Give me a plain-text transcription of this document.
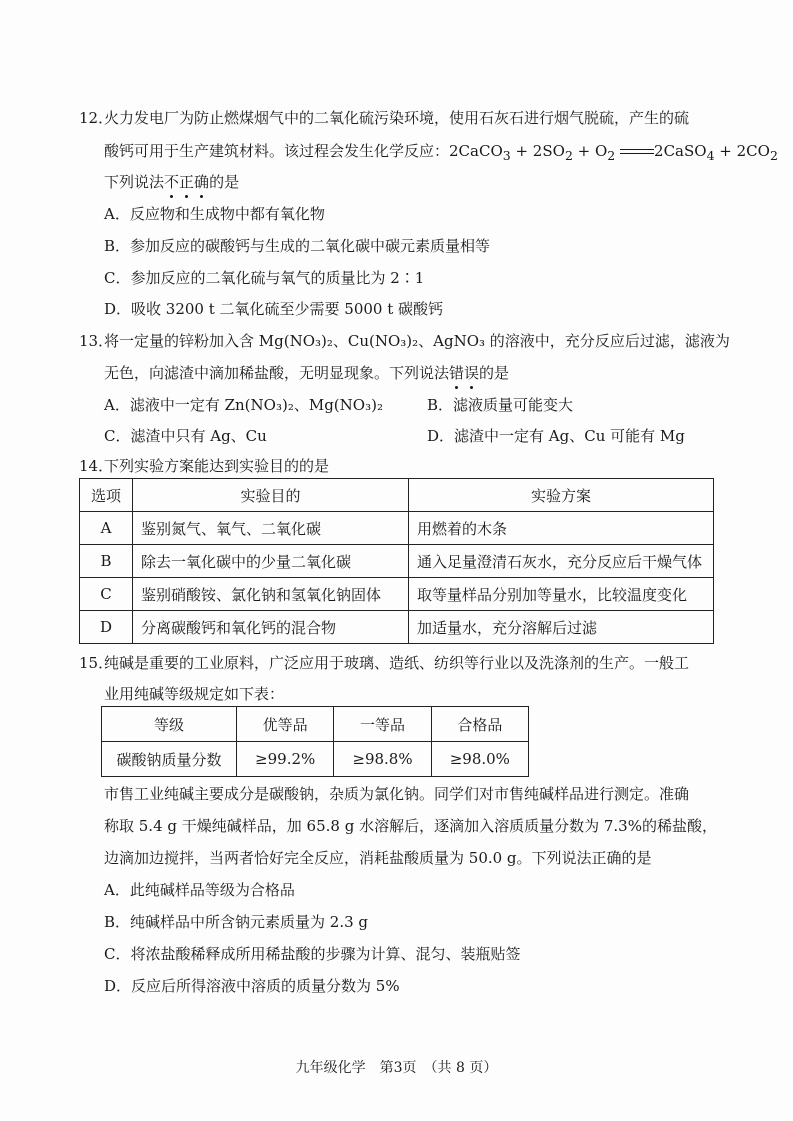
12．
火力发电厂为防止燃煤烟气中的二氧化硫污染环境，使用石灰石进行烟气脱硫，产生的硫
酸钙可用于生产建筑材料。该过程会发生化学反应：2CaCO$_3$ + $2SO_2 + O_2$	2CaSO$_4$ + $2CO_2$
下列说法不正确的是
A．反应物和生成物中都有氧化物
B．参加反应的碳酸钙与生成的二氧化碳中碳元素质量相等
C．参加反应的二氧化硫与氧气的质量比为 2∶1
D．吸收 3200 t 二氧化硫至少需要 5000 t 碳酸钙
13．
将一定量的锌粉加入含 Mg(NO₃)₂、Cu(NO₃)₂、AgNO₃ 的溶液中，充分反应后过滤，滤液为
无色，向滤渣中滴加稀盐酸，无明显现象。下列说法错误的是
A．滤液中一定有 Zn(NO₃)₂、Mg(NO₃)₂	B．滤液质量可能变大
C．滤渣中只有 Ag、Cu	D．滤渣中一定有 Ag、Cu 可能有 Mg
14．
下列实验方案能达到实验目的的是
选项	实验目的	实验方案
A	鉴别氮气、氧气、二氧化碳	用燃着的木条
B	除去一氧化碳中的少量二氧化碳	通入足量澄清石灰水，充分反应后干燥气体
C	鉴别硝酸铵、氯化钠和氢氧化钠固体	取等量样品分别加等量水，比较温度变化
D	分离碳酸钙和氧化钙的混合物	加适量水，充分溶解后过滤
15．
纯碱是重要的工业原料，广泛应用于玻璃、造纸、纺织等行业以及洗涤剂的生产。一般工
业用纯碱等级规定如下表：
等级	优等品	一等品	合格品
碳酸钠质量分数	≥99.2%	≥98.8%	≥98.0%
市售工业纯碱主要成分是碳酸钠，杂质为氯化钠。同学们对市售纯碱样品进行测定。准确
称取 5.4 g 干燥纯碱样品，加 65.8 g 水溶解后，逐滴加入溶质质量分数为 7.3%的稀盐酸，
边滴加边搅拌，当两者恰好完全反应，消耗盐酸质量为 50.0 g。下列说法正确的是
A．此纯碱样品等级为合格品
B．纯碱样品中所含钠元素质量为 2.3 g
C．将浓盐酸稀释成所用稀盐酸的步骤为计算、混匀、装瓶贴签
D．反应后所得溶液中溶质的质量分数为 5%
九年级化学　第3页　（共 8 页）
